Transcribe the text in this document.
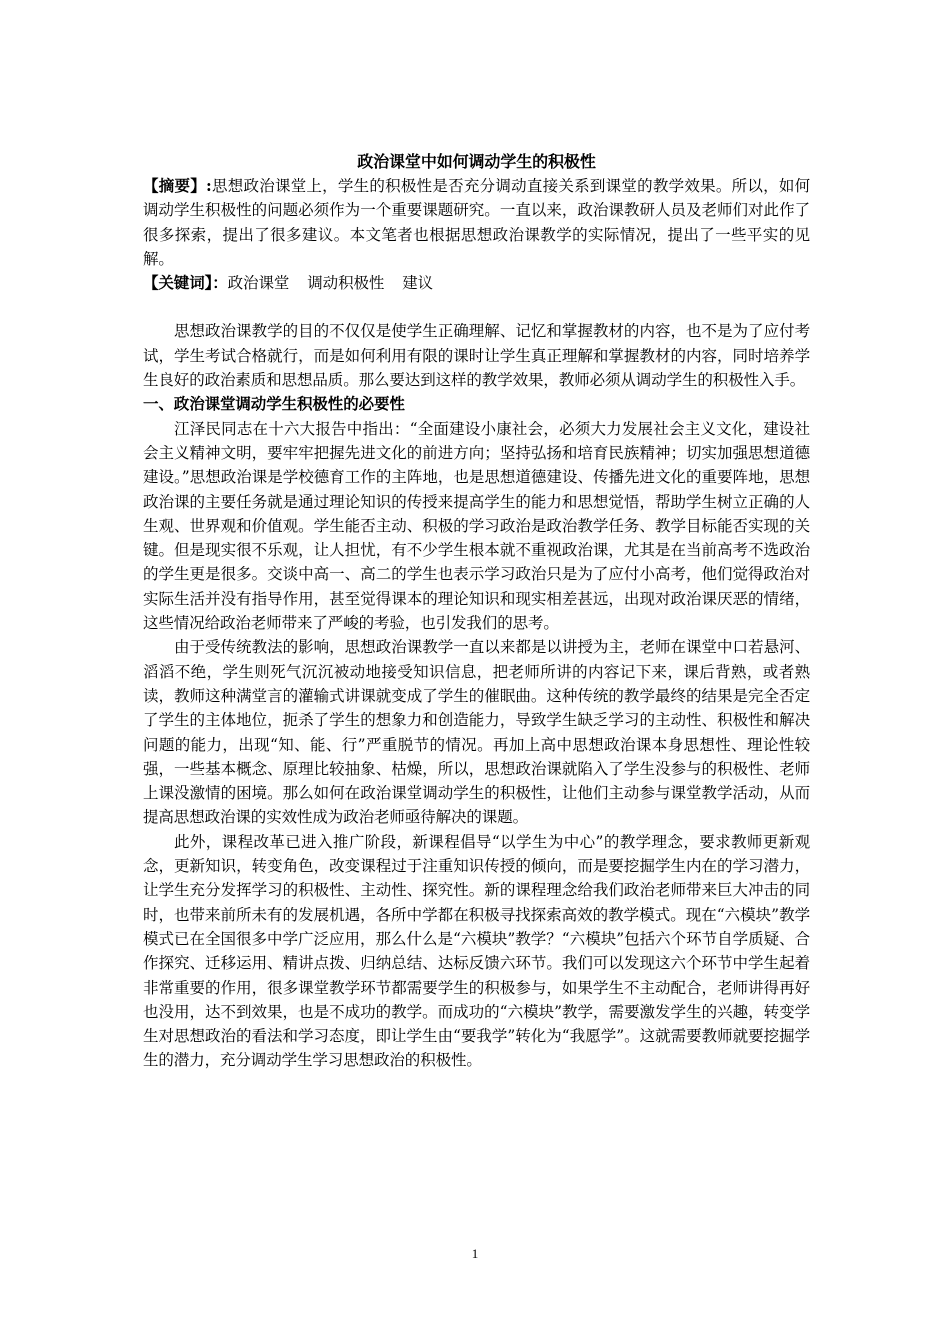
政治课堂中如何调动学生的积极性

【摘要】:思想政治课堂上，学生的积极性是否充分调动直接关系到课堂的教学效果。所以，如何调动学生积极性的问题必须作为一个重要课题研究。一直以来，政治课教研人员及老师们对此作了很多探索，提出了很多建议。本文笔者也根据思想政治课教学的实际情况，提出了一些平实的见解。

【关键词】：政治课堂 调动积极性 建议

思想政治课教学的目的不仅仅是使学生正确理解、记忆和掌握教材的内容，也不是为了应付考试，学生考试合格就行，而是如何利用有限的课时让学生真正理解和掌握教材的内容，同时培养学生良好的政治素质和思想品质。那么要达到这样的教学效果，教师必须从调动学生的积极性入手。

一、政治课堂调动学生积极性的必要性

江泽民同志在十六大报告中指出：“全面建设小康社会，必须大力发展社会主义文化，建设社会主义精神文明，要牢牢把握先进文化的前进方向；坚持弘扬和培育民族精神；切实加强思想道德建设。”思想政治课是学校德育工作的主阵地，也是思想道德建设、传播先进文化的重要阵地，思想政治课的主要任务就是通过理论知识的传授来提高学生的能力和思想觉悟，帮助学生树立正确的人生观、世界观和价值观。学生能否主动、积极的学习政治是政治教学任务、教学目标能否实现的关键。但是现实很不乐观，让人担忧，有不少学生根本就不重视政治课，尤其是在当前高考不选政治的学生更是很多。交谈中高一、高二的学生也表示学习政治只是为了应付小高考，他们觉得政治对实际生活并没有指导作用，甚至觉得课本的理论知识和现实相差甚远，出现对政治课厌恶的情绪，这些情况给政治老师带来了严峻的考验，也引发我们的思考。

由于受传统教法的影响，思想政治课教学一直以来都是以讲授为主，老师在课堂中口若悬河、滔滔不绝，学生则死气沉沉被动地接受知识信息，把老师所讲的内容记下来，课后背熟，或者熟读，教师这种满堂言的灌输式讲课就变成了学生的催眠曲。这种传统的教学最终的结果是完全否定了学生的主体地位，扼杀了学生的想象力和创造能力，导致学生缺乏学习的主动性、积极性和解决问题的能力，出现“知、能、行”严重脱节的情况。再加上高中思想政治课本身思想性、理论性较强，一些基本概念、原理比较抽象、枯燥，所以，思想政治课就陷入了学生没参与的积极性、老师上课没激情的困境。那么如何在政治课堂调动学生的积极性，让他们主动参与课堂教学活动，从而提高思想政治课的实效性成为政治老师亟待解决的课题。

此外，课程改革已进入推广阶段，新课程倡导“以学生为中心”的教学理念，要求教师更新观念，更新知识，转变角色，改变课程过于注重知识传授的倾向，而是要挖掘学生内在的学习潜力，让学生充分发挥学习的积极性、主动性、探究性。新的课程理念给我们政治老师带来巨大冲击的同时，也带来前所未有的发展机遇，各所中学都在积极寻找探索高效的教学模式。现在“六模块”教学模式已在全国很多中学广泛应用，那么什么是“六模块”教学？“六模块”包括六个环节自学质疑、合作探究、迁移运用、精讲点拨、归纳总结、达标反馈六环节。我们可以发现这六个环节中学生起着非常重要的作用，很多课堂教学环节都需要学生的积极参与，如果学生不主动配合，老师讲得再好也没用，达不到效果，也是不成功的教学。而成功的“六模块”教学，需要激发学生的兴趣，转变学生对思想政治的看法和学习态度，即让学生由“要我学”转化为“我愿学”。这就需要教师就要挖掘学生的潜力，充分调动学生学习思想政治的积极性。

1
